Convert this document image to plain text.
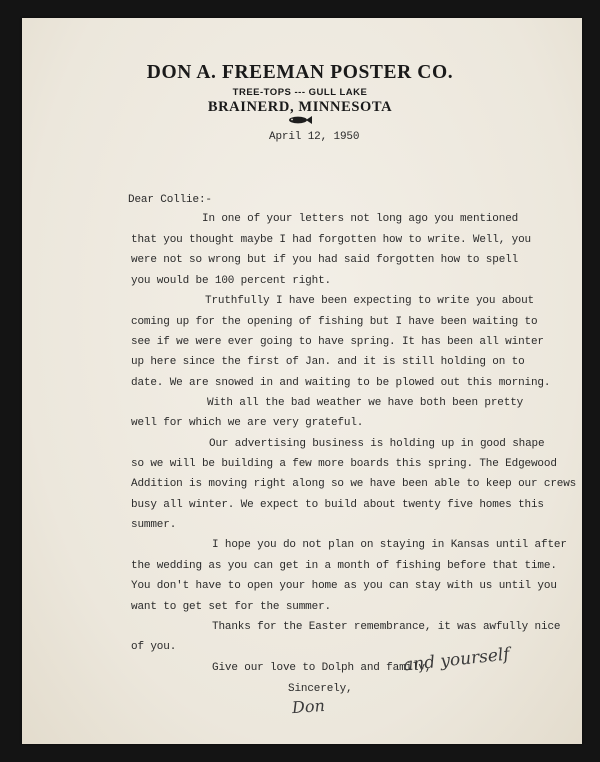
DON A. FREEMAN POSTER CO.
TREE-TOPS --- GULL LAKE
BRAINERD, MINNESOTA
April 12, 1950
Dear Collie:-
In one of your letters not long ago you mentioned
that you thought maybe I had forgotten how to write. Well, you
were not so wrong but if you had said forgotten how to spell
you would be 100 percent right.
Truthfully I have been expecting to write you about
coming up for the opening of fishing but I have been waiting to
see if we were ever going to have spring. It has been all winter
up here since the first of Jan. and it is still holding on to
date. We are snowed in and waiting to be plowed out this morning.
With all the bad weather we have both been pretty
well for which we are very grateful.
Our advertising business is holding up in good shape
so we will be building a few more boards this spring. The Edgewood
Addition is moving right along so we have been able to keep our crews
busy all winter. We expect to build about twenty five homes this
summer.
I hope you do not plan on staying in Kansas until after
the wedding as you can get in a month of fishing before that time.
You don't have to open your home as you can stay with us until you
want to get set for the summer.
Thanks for the Easter remembrance, it was awfully nice
of you.
Give our love to Dolph and family,
and yourself
Sincerely,
Don
